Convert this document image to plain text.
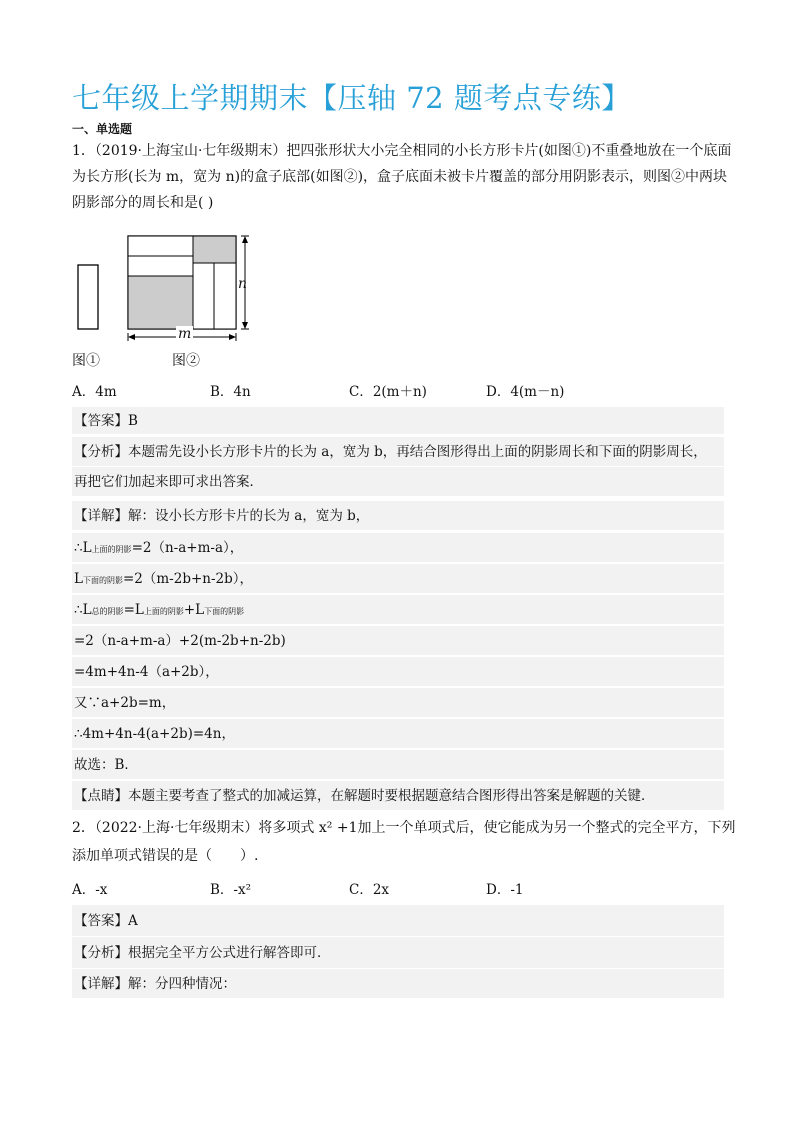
七年级上学期期末【压轴 72 题考点专练】
一、单选题
1．（2019·上海宝山·七年级期末）把四张形状大小完全相同的小长方形卡片(如图①)不重叠地放在一个底面
为长方形(长为 m，宽为 n)的盒子底部(如图②)，盒子底面未被卡片覆盖的部分用阴影表示，则图②中两块
阴影部分的周长和是( )
n
m
图①	图②
A．4m	B．4n	C．2(m＋n)	D．4(m－n)
【答案】B
【分析】本题需先设小长方形卡片的长为 a，宽为 b，再结合图形得出上面的阴影周长和下面的阴影周长，
再把它们加起来即可求出答案．
【详解】解：设小长方形卡片的长为 a，宽为 b，
∴L上面的阴影=2（n-a+m-a），
L下面的阴影=2（m-2b+n-2b），
∴L总的阴影=L上面的阴影+L下面的阴影
=2（n-a+m-a）+2(m-2b+n-2b)
=4m+4n-4（a+2b），
又∵a+2b=m，
∴4m+4n-4(a+2b)=4n，
故选：B．
【点睛】本题主要考查了整式的加减运算，在解题时要根据题意结合图形得出答案是解题的关键．
2．（2022·上海·七年级期末）将多项式 x² +1加上一个单项式后，使它能成为另一个整式的完全平方，下列
添加单项式错误的是（　　）.
A．-x	B．-x²	C．2x	D．-1
【答案】A
【分析】根据完全平方公式进行解答即可．
【详解】解：分四种情况：
